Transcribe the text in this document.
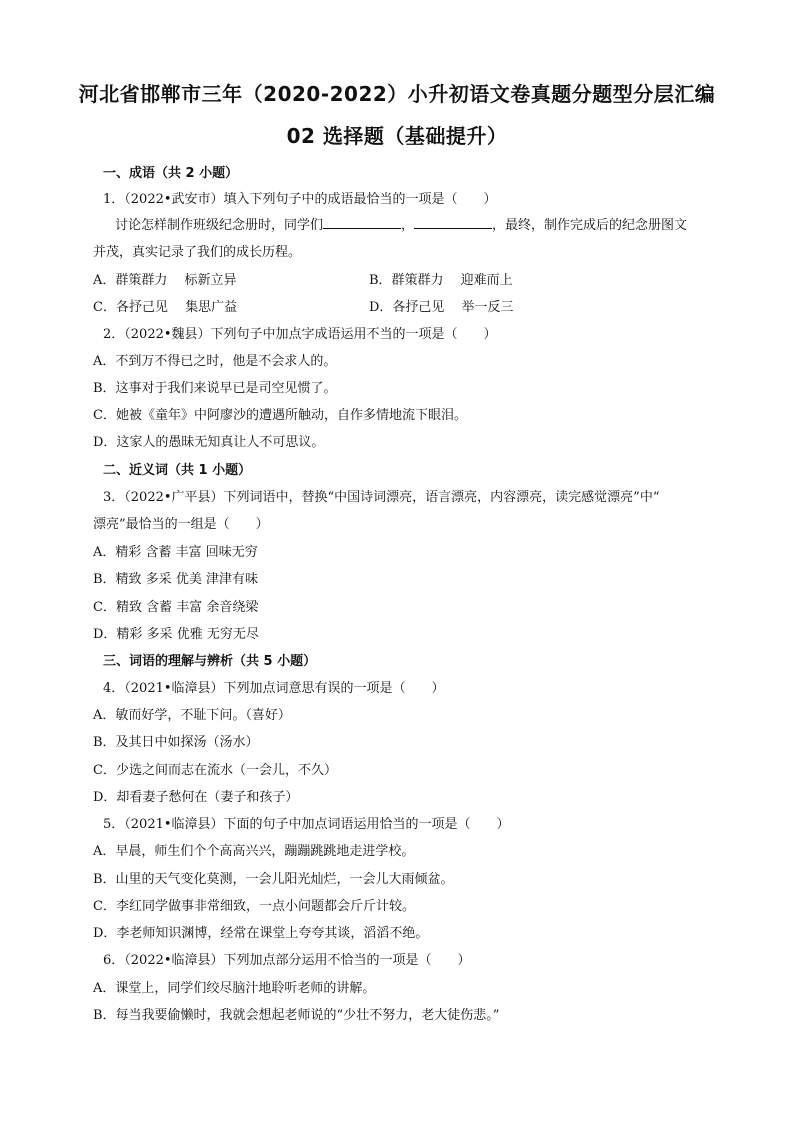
河北省邯郸市三年（2020-2022）小升初语文卷真题分题型分层汇编
02 选择题（基础提升）
一、成语（共 2 小题）
1．（2022•武安市）填入下列句子中的成语最恰当的一项是（　　）
讨论怎样制作班级纪念册时，同学们	，	，最终，制作完成后的纪念册图文
并茂，真实记录了我们的成长历程。
A．群策群力　 标新立异	B．群策群力　 迎难而上
C．各抒己见　 集思广益	D．各抒己见　 举一反三
2．（2022•魏县）下列句子中加点字成语运用不当的一项是（　　）
A．不到万不得已之时，他是不会求人的。
B．这事对于我们来说早已是司空见惯了。
C．她被《童年》中阿廖沙的遭遇所触动，自作多情地流下眼泪。
D．这家人的愚昧无知真让人不可思议。
二、近义词（共 1 小题）
3．（2022•广平县）下列词语中，替换“中国诗词漂亮，语言漂亮，内容漂亮，读完感觉漂亮”中“
漂亮”最恰当的一组是（　　）
A．精彩 含蓄 丰富 回味无穷
B．精致 多采 优美 津津有味
C．精致 含蓄 丰富 余音绕梁
D．精彩 多采 优雅 无穷无尽
三、词语的理解与辨析（共 5 小题）
4．（2021•临漳县）下列加点词意思有误的一项是（　　）
A．敏而好学，不耻下问。（喜好）
B．及其日中如探汤（汤水）
C．少选之间而志在流水（一会儿，不久）
D．却看妻子愁何在（妻子和孩子）
5．（2021•临漳县）下面的句子中加点词语运用恰当的一项是（　　）
A．早晨，师生们个个高高兴兴，蹦蹦跳跳地走进学校。
B．山里的天气变化莫测，一会儿阳光灿烂，一会儿大雨倾盆。
C．李红同学做事非常细致，一点小问题都会斤斤计较。
D．李老师知识渊博，经常在课堂上夸夸其谈，滔滔不绝。
6．（2022•临漳县）下列加点部分运用不恰当的一项是（　　）
A．课堂上，同学们绞尽脑汁地聆听老师的讲解。
B．每当我要偷懒时，我就会想起老师说的“少壮不努力，老大徒伤悲。”
